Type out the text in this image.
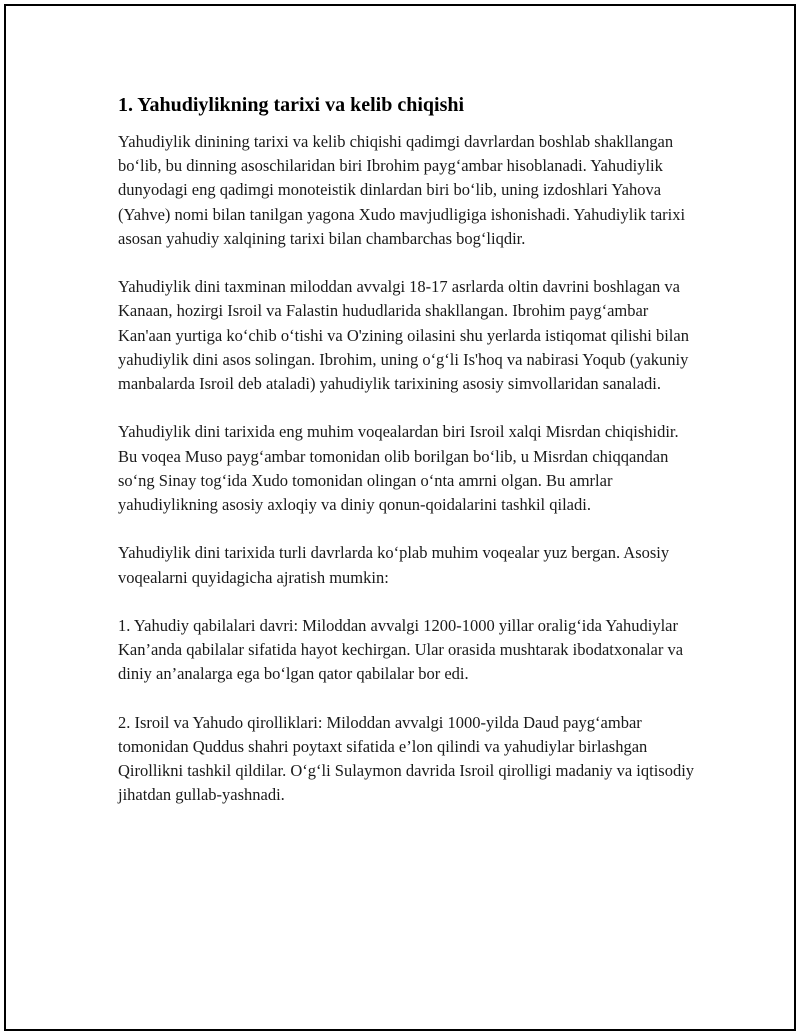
1. Yahudiylikning tarixi va kelib chiqishi

Yahudiylik dinining tarixi va kelib chiqishi qadimgi davrlardan boshlab shakllangan bo‘lib, bu dinning asoschilaridan biri Ibrohim payg‘ambar hisoblanadi. Yahudiylik dunyodagi eng qadimgi monoteistik dinlardan biri bo‘lib, uning izdoshlari Yahova (Yahve) nomi bilan tanilgan yagona Xudo mavjudligiga ishonishadi. Yahudiylik tarixi asosan yahudiy xalqining tarixi bilan chambarchas bog‘liqdir.

Yahudiylik dini taxminan miloddan avvalgi 18-17 asrlarda oltin davrini boshlagan va Kanaan, hozirgi Isroil va Falastin hududlarida shakllangan. Ibrohim payg‘ambar Kan'aan yurtiga ko‘chib o‘tishi va O'zining oilasini shu yerlarda istiqomat qilishi bilan yahudiylik dini asos solingan. Ibrohim, uning o‘g‘li Is'hoq va nabirasi Yoqub (yakuniy manbalarda Isroil deb ataladi) yahudiylik tarixining asosiy simvollaridan sanaladi.

Yahudiylik dini tarixida eng muhim voqealardan biri Isroil xalqi Misrdan chiqishidir. Bu voqea Muso payg‘ambar tomonidan olib borilgan bo‘lib, u Misrdan chiqqandan so‘ng Sinay tog‘ida Xudo tomonidan olingan o‘nta amrni olgan. Bu amrlar yahudiylikning asosiy axloqiy va diniy qonun-qoidalarini tashkil qiladi.

Yahudiylik dini tarixida turli davrlarda ko‘plab muhim voqealar yuz bergan. Asosiy voqealarni quyidagicha ajratish mumkin:

1. Yahudiy qabilalari davri: Miloddan avvalgi 1200-1000 yillar oralig‘ida Yahudiylar Kan’anda qabilalar sifatida hayot kechirgan. Ular orasida mushtarak ibodatxonalar va diniy an’analarga ega bo‘lgan qator qabilalar bor edi.

2. Isroil va Yahudo qirolliklari: Miloddan avvalgi 1000-yilda Daud payg‘ambar tomonidan Quddus shahri poytaxt sifatida e’lon qilindi va yahudiylar birlashgan Qirollikni tashkil qildilar. O‘g‘li Sulaymon davrida Isroil qirolligi madaniy va iqtisodiy jihatdan gullab-yashnadi.
